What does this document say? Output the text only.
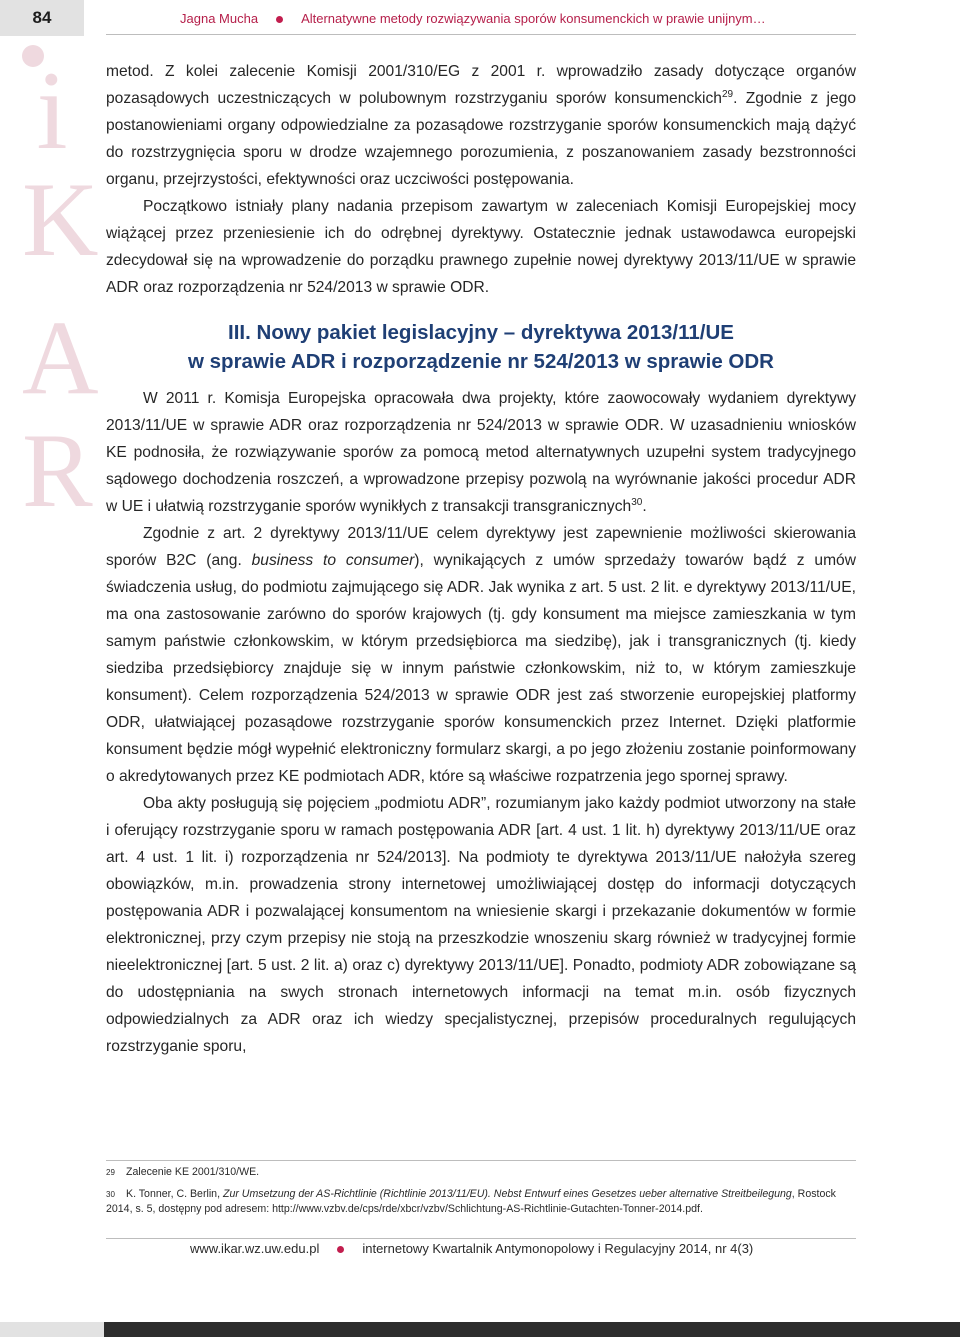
84	Jagna Mucha	Alternatywne metody rozwiązywania sporów konsumenckich w prawie unijnym…
i
K
A
R

metod. Z kolei zalecenie Komisji 2001/310/EG z 2001 r. wprowadziło zasady dotyczące organów pozasądowych uczestniczących w polubownym rozstrzyganiu sporów konsumenckich$^{29}$. Zgodnie z jego postanowieniami organy odpowiedzialne za pozasądowe rozstrzyganie sporów konsumenckich mają dążyć do rozstrzygnięcia sporu w drodze wzajemnego porozumienia, z poszanowaniem zasady bezstronności organu, przejrzystości, efektywności oraz uczciwości postępowania.

Początkowo istniały plany nadania przepisom zawartym w zaleceniach Komisji Europejskiej mocy wiążącej przez przeniesienie ich do odrębnej dyrektywy. Ostatecznie jednak ustawodawca europejski zdecydował się na wprowadzenie do porządku prawnego zupełnie nowej dyrektywy 2013/11/UE w sprawie ADR oraz rozporządzenia nr 524/2013 w sprawie ODR.

III. Nowy pakiet legislacyjny – dyrektywa 2013/11/UE
w sprawie ADR i rozporządzenie nr 524/2013 w sprawie ODR

W 2011 r. Komisja Europejska opracowała dwa projekty, które zaowocowały wydaniem dyrektywy 2013/11/UE w sprawie ADR oraz rozporządzenia nr 524/2013 w sprawie ODR. W uzasadnieniu wniosków KE podnosiła, że rozwiązywanie sporów za pomocą metod alternatywnych uzupełni system tradycyjnego sądowego dochodzenia roszczeń, a wprowadzone przepisy pozwolą na wyrównanie jakości procedur ADR w UE i ułatwią rozstrzyganie sporów wynikłych z transakcji transgranicznych$^{30}$.

Zgodnie z art. 2 dyrektywy 2013/11/UE celem dyrektywy jest zapewnienie możliwości skierowania sporów B2C (ang. business to consumer), wynikających z umów sprzedaży towarów bądź z umów świadczenia usług, do podmiotu zajmującego się ADR. Jak wynika z art. 5 ust. 2 lit. e dyrektywy 2013/11/UE, ma ona zastosowanie zarówno do sporów krajowych (tj. gdy konsument ma miejsce zamieszkania w tym samym państwie członkowskim, w którym przedsiębiorca ma siedzibę), jak i transgranicznych (tj. kiedy siedziba przedsiębiorcy znajduje się w innym państwie członkowskim, niż to, w którym zamieszkuje konsument). Celem rozporządzenia 524/2013 w sprawie ODR jest zaś stworzenie europejskiej platformy ODR, ułatwiającej pozasądowe rozstrzyganie sporów konsumenckich przez Internet. Dzięki platformie konsument będzie mógł wypełnić elektroniczny formularz skargi, a po jego złożeniu zostanie poinformowany o akredytowanych przez KE podmiotach ADR, które są właściwe rozpatrzenia jego spornej sprawy.

Oba akty posługują się pojęciem „podmiotu ADR”, rozumianym jako każdy podmiot utworzony na stałe i oferujący rozstrzyganie sporu w ramach postępowania ADR [art. 4 ust. 1 lit. h) dyrektywy 2013/11/UE oraz art. 4 ust. 1 lit. i) rozporządzenia nr 524/2013]. Na podmioty te dyrektywa 2013/11/UE nałożyła szereg obowiązków, m.in. prowadzenia strony internetowej umożliwiającej dostęp do informacji dotyczących postępowania ADR i pozwalającej konsumentom na wniesienie skargi i przekazanie dokumentów w formie elektronicznej, przy czym przepisy nie stoją na przeszkodzie wnoszeniu skarg również w tradycyjnej formie nieelektronicznej [art. 5 ust. 2 lit. a) oraz c) dyrektywy 2013/11/UE]. Ponadto, podmioty ADR zobowiązane są do udostępniania na swych stronach internetowych informacji na temat m.in. osób fizycznych odpowiedzialnych za ADR oraz ich wiedzy specjalistycznej, przepisów proceduralnych regulujących rozstrzyganie sporu,

29 Zalecenie KE 2001/310/WE.
30 K. Tonner, C. Berlin, Zur Umsetzung der AS-Richtlinie (Richtlinie 2013/11/EU). Nebst Entwurf eines Gesetzes ueber alternative Streitbeilegung, Rostock 2014, s. 5, dostępny pod adresem: http://www.vzbv.de/cps/rde/xbcr/vzbv/Schlichtung-AS-Richtlinie-Gutachten-Tonner-2014.pdf.
www.ikar.wz.uw.edu.pl	internetowy Kwartalnik Antymonopolowy i Regulacyjny 2014, nr 4(3)
